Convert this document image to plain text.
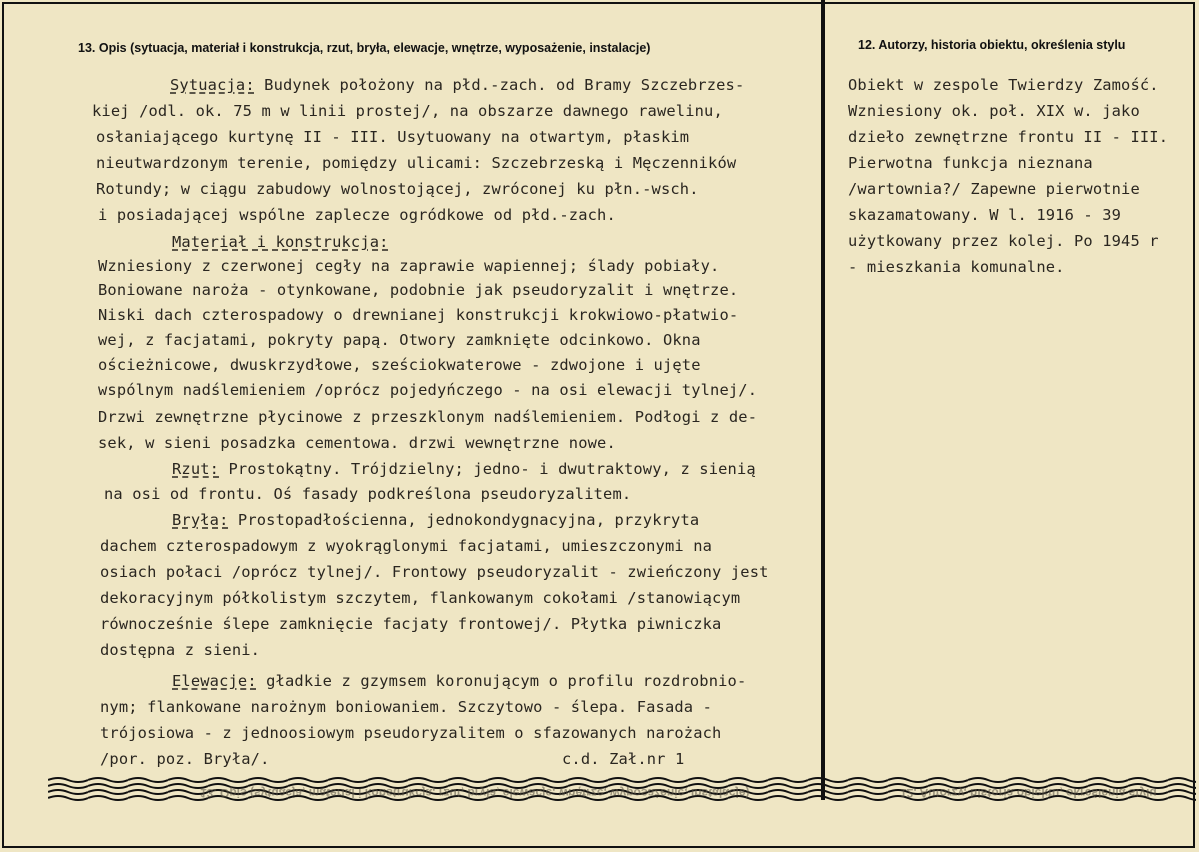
13. Opis (sytuacja, materiał i konstrukcja, rzut, bryła, elewacje, wnętrze, wyposażenie, instalacje)	12. Autorzy, historia obiektu, określenia stylu
Sytuacja: Budynek położony na płd.-zach. od Bramy Szczebrzes-
kiej /odl. ok. 75 m w linii prostej/, na obszarze dawnego rawelinu,
osłaniającego kurtynę II - III. Usytuowany na otwartym, płaskim
nieutwardzonym terenie, pomiędzy ulicami: Szczebrzeską i Męczenników
Rotundy; w ciągu zabudowy wolnostojącej, zwróconej ku płn.-wsch.
i posiadającej wspólne zaplecze ogródkowe od płd.-zach.
Materiał i konstrukcja:
Wzniesiony z czerwonej cegły na zaprawie wapiennej; ślady pobiały.
Boniowane naroża - otynkowane, podobnie jak pseudoryzalit i wnętrze.
Niski dach czterospadowy o drewnianej konstrukcji krokwiowo-płatwio-
wej, z facjatami, pokryty papą. Otwory zamknięte odcinkowo. Okna
ościeżnicowe, dwuskrzydłowe, sześciokwaterowe - zdwojone i ujęte
wspólnym nadślemieniem /oprócz pojedyńczego - na osi elewacji tylnej/.
Drzwi zewnętrzne płycinowe z przeszklonym nadślemieniem. Podłogi z de-
sek, w sieni posadzka cementowa. drzwi wewnętrzne nowe.
Rzut: Prostokątny. Trójdzielny; jedno- i dwutraktowy, z sienią
na osi od frontu. Oś fasady podkreślona pseudoryzalitem.
Bryła: Prostopadłościenna, jednokondygnacyjna, przykryta
dachem czterospadowym z wyokrąglonymi facjatami, umieszczonymi na
osiach połaci /oprócz tylnej/. Frontowy pseudoryzalit - zwieńczony jest
dekoracyjnym półkolistym szczytem, flankowanym cokołami /stanowiącym
równocześnie ślepe zamknięcie facjaty frontowej/. Płytka piwniczka
dostępna z sieni.
Elewacje: gładkie z gzymsem koronującym o profilu rozdrobnio-
nym; flankowane narożnym boniowaniem. Szczytowo - ślepa. Fasada -
trójosiowa - z jednoosiowym pseudoryzalitem o sfazowanych narożach
/por. poz. Bryła/.	c.d. Zał.nr 1
Obiekt w zespole Twierdzy Zamość.
Wzniesiony ok. poł. XIX w. jako
dzieło zewnętrzne frontu II - III.
Pierwotna funkcja nieznana
/wartownia?/ Zapewne pierwotnie
skazamatowany. W l. 1916 - 39
użytkowany przez kolej. Po 1945 r
- mieszkania komunalne.
13. Opis (sytuacja, materiał i konstrukcja, rzut, bryła, elewacje, wnętrze, wyposażenie, instalacje)	12. Autorzy, historia obiektu, określenia stylu
